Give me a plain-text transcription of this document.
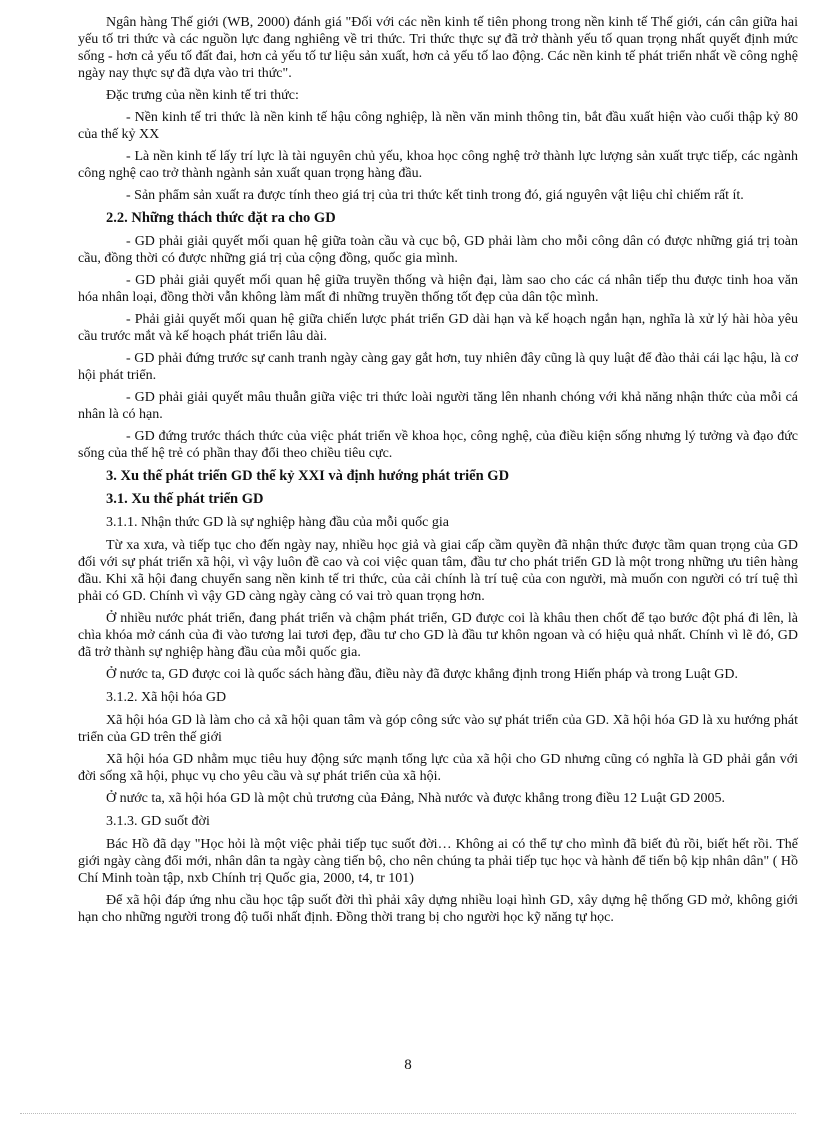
Ngân hàng Thế giới (WB, 2000) đánh giá "Đối với các nền kinh tế tiên phong trong nền kinh tế Thế giới, cán cân giữa hai yếu tố tri thức và các nguồn lực đang nghiêng về tri thức. Tri thức thực sự đã trở thành yếu tố quan trọng nhất quyết định mức sống - hơn cả yếu tố đất đai, hơn cả yếu tố tư liệu sản xuất, hơn cả yếu tố lao động. Các nền kinh tế phát triển nhất về công nghệ ngày nay thực sự đã dựa vào tri thức".

Đặc trưng của nền kinh tế tri thức:

- Nền kinh tế tri thức là nền kinh tế hậu công nghiệp, là nền văn minh thông tin, bắt đầu xuất hiện vào cuối thập kỷ 80 của thế kỷ XX

- Là nền kinh tế lấy trí lực là tài nguyên chủ yếu, khoa học công nghệ trở thành lực lượng sản xuất trực tiếp, các ngành công nghệ cao trở thành ngành sản xuất quan trọng hàng đầu.

- Sản phẩm sản xuất ra được tính theo giá trị của tri thức kết tinh trong đó, giá nguyên vật liệu chỉ chiếm rất ít.

2.2. Những thách thức đặt ra cho GD

- GD phải giải quyết mối quan hệ giữa toàn cầu và cục bộ, GD phải làm cho mỗi công dân có được những giá trị toàn cầu, đồng thời có được những giá trị của cộng đồng, quốc gia mình.

- GD phải giải quyết mối quan hệ giữa truyền thống và hiện đại, làm sao cho các cá nhân tiếp thu được tinh hoa văn hóa nhân loại, đồng thời vẫn không làm mất đi những truyền thống tốt đẹp của dân tộc mình.

- Phải giải quyết mối quan hệ giữa chiến lược phát triển GD dài hạn và kế hoạch ngắn hạn, nghĩa là xử lý hài hòa yêu cầu trước mắt và kế hoạch phát triển lâu dài.

- GD phải đứng trước sự canh tranh ngày càng gay gắt hơn, tuy nhiên đây cũng là quy luật để đào thải cái lạc hậu, là cơ hội phát triển.

- GD phải giải quyết mâu thuẫn giữa việc tri thức loài người tăng lên nhanh chóng với khả năng nhận thức của mỗi cá nhân là có hạn.

- GD đứng trước thách thức của việc phát triển về khoa học, công nghệ, của điều kiện sống nhưng lý tưởng và đạo đức sống của thế hệ trẻ có phần thay đổi theo chiều tiêu cực.

3. Xu thế phát triển GD thế kỷ XXI và định hướng phát triển GD
3.1. Xu thế phát triển GD
3.1.1. Nhận thức GD là sự nghiệp hàng đầu của mỗi quốc gia

Từ xa xưa, và tiếp tục cho đến ngày nay, nhiều học giả và giai cấp cầm quyền đã nhận thức được tầm quan trọng của GD đối với sự phát triển xã hội, vì vậy luôn đề cao và coi việc quan tâm, đầu tư cho phát triển GD là một trong những ưu tiên hàng đầu. Khi xã hội đang chuyển sang nền kinh tế tri thức, của cải chính là trí tuệ của con người, mà muốn con người có trí tuệ thì phải có GD. Chính vì vậy GD càng ngày càng có vai trò quan trọng hơn.

Ở nhiều nước phát triển, đang phát triển và chậm phát triển, GD được coi là khâu then chốt để tạo bước đột phá đi lên, là chìa khóa mở cánh của đi vào tương lai tươi đẹp, đầu tư cho GD là đầu tư khôn ngoan và có hiệu quả nhất. Chính vì lẽ đó, GD đã trở thành sự nghiệp hàng đầu của mỗi quốc gia.

Ở nước ta, GD được coi là quốc sách hàng đầu, điều này đã được khẳng định trong Hiến pháp và trong Luật GD.

3.1.2. Xã hội hóa GD

Xã hội hóa GD là làm cho cả xã hội quan tâm và góp công sức vào sự phát triển của GD. Xã hội hóa GD là xu hướng phát triển của GD trên thế giới

Xã hội hóa GD nhằm mục tiêu huy động sức mạnh tổng lực của xã hội cho GD nhưng cũng có nghĩa là GD phải gắn với đời sống xã hội, phục vụ cho yêu cầu và sự phát triển của xã hội.

Ở nước ta, xã hội hóa GD là một chủ trương của Đảng, Nhà nước và được khẳng trong điều 12 Luật GD 2005.

3.1.3. GD suốt đời

Bác Hồ đã dạy "Học hỏi là một việc phải tiếp tục suốt đời… Không ai có thể tự cho mình đã biết đủ rồi, biết hết rồi. Thế giới ngày càng đổi mới, nhân dân ta ngày càng tiến bộ, cho nên chúng ta phải tiếp tục học và hành để tiến bộ kịp nhân dân" ( Hồ Chí Minh toàn tập, nxb Chính trị Quốc gia, 2000, t4, tr 101)

Để xã hội đáp ứng nhu cầu học tập suốt đời thì phải xây dựng nhiều loại hình GD, xây dựng hệ thống GD mở, không giới hạn cho những người trong độ tuổi nhất định. Đồng thời trang bị cho người học kỹ năng tự học.

8
